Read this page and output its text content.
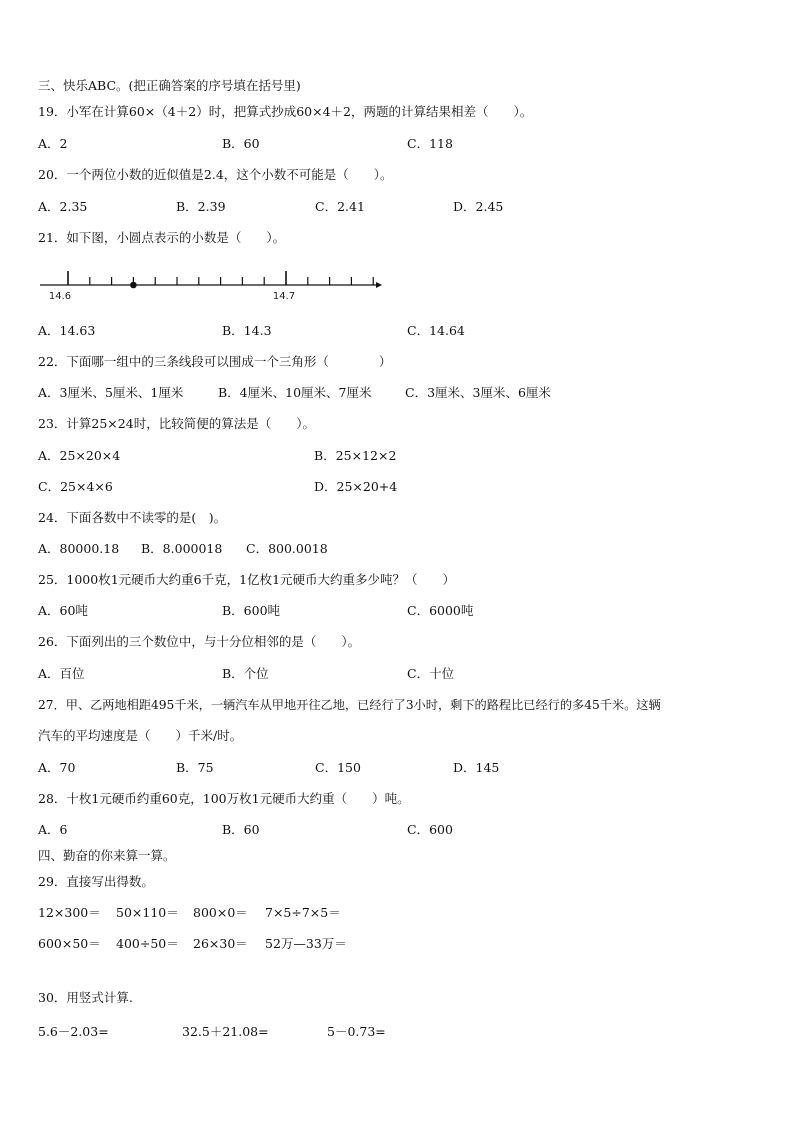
三、快乐ABC。(把正确答案的序号填在括号里)
19．小军在计算60×（4＋2）时，把算式抄成60×4＋2，两题的计算结果相差（　　）。
A．2	B．60	C．118
20．一个两位小数的近似值是2.4，这个小数不可能是（　　）。
A．2.35	B．2.39	C．2.41	D．2.45
21．如下图，小圆点表示的小数是（　　）。
14.6	14.7
A．14.63	B．14.3	C．14.64
22．下面哪一组中的三条线段可以围成一个三角形（　　　　）
A．3厘米、5厘米、1厘米	B．4厘米、10厘米、7厘米	C．3厘米、3厘米、6厘米
23．计算25×24时，比较简便的算法是（　　）。
A．25×20×4	B．25×12×2
C．25×4×6	D．25×20+4
24．下面各数中不读零的是(　)。
A．80000.18 B．8.000018 C．800.0018
25．1000枚1元硬币大约重6千克，1亿枚1元硬币大约重多少吨？（　　）
A．60吨	B．600吨	C．6000吨
26．下面列出的三个数位中，与十分位相邻的是（　　）。
A．百位	B．个位	C．十位
27．甲、乙两地相距495千米，一辆汽车从甲地开往乙地，已经行了3小时，剩下的路程比已经行的多45千米。这辆
汽车的平均速度是（　　）千米/时。
A．70	B．75	C．150	D．145
28．十枚1元硬币约重60克，100万枚1元硬币大约重（　　）吨。
A．6	B．60	C．600
四、勤奋的你来算一算。
29．直接写出得数。
12×300＝ 50×110＝ 800×0＝ 7×5÷7×5＝
600×50＝ 400÷50＝ 26×30＝ 52万—33万＝
30．用竖式计算.
5.6－2.03=	32.5＋21.08=	5－0.73=
